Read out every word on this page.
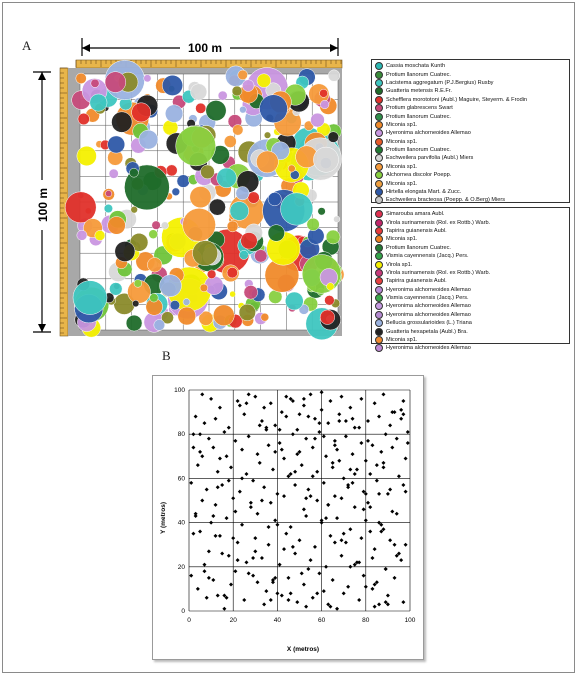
A
B
100 m
100 m
Cassia moschata Kunth
Protium llanorum Cuatrec.
Lacistema aggregatum (P.J.Bergius) Rusby
Guatteria metensis R.E.Fr.
Schefflera morototoni (Aubl.) Maguire, Steyerm. & Frodin
Protium glabrescens Swart
Protium llanorum Cuatrec.
Miconia sp1.
Hyeronima alchorneoides Allemao
Miconia sp1.
Protium llanorum Cuatrec.
Eschweilera parvifolia (Aubl.) Miers
Miconia sp1.
Alchornea discolor Poepp.
Miconia sp1.
Hirtella elongata Mart. & Zucc.
Eschweilera bracteosa (Poepp. & O.Berg) Miers
Simarouba amara Aubl.
Virola surinamensis (Rol. ex Rottb.) Warb.
Tapirira guianensis Aubl.
Miconia sp1.
Protium llanorum Cuatrec.
Vismia cayennensis (Jacq.) Pers.
Virola sp1.
Virola surinamensis (Rol. ex Rottb.) Warb.
Tapirira guianensis Aubl.
Hyeronima alchorneoides Allemao
Vismia cayennensis (Jacq.) Pers.
Hyeronima alchorneoides Allemao
Hyeronima alchorneoides Allemao
Bellucia grossularioides (L.) Triana
Guatteria hexapetala (Aubl.) Bra.
Miconia sp1.
Hyeronima alchorneoides Allemao
0	20	40	60	80	100
0
20
40
60
80
100
X (metros)
Y (metros)
